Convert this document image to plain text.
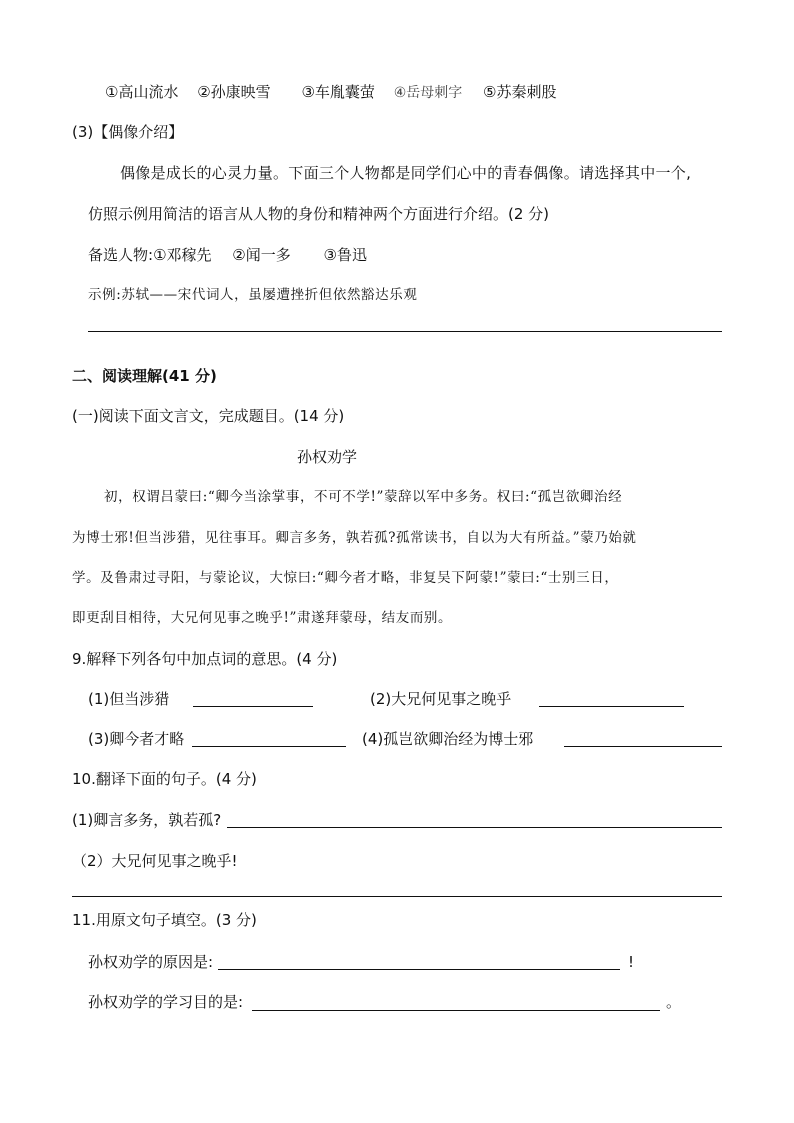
①高山流水 ②孙康映雪 ③车胤囊萤 ④岳母刺字 ⑤苏秦刺股
(3)【偶像介绍】
偶像是成长的心灵力量。下面三个人物都是同学们心中的青春偶像。请选择其中一个,
仿照示例用简洁的语言从人物的身份和精神两个方面进行介绍。(2 分)
备选人物:①邓稼先 ②闻一多 ③鲁迅
示例:苏轼——宋代词人，虽屡遭挫折但依然豁达乐观
二、阅读理解(41 分)
(一)阅读下面文言文，完成题目。(14 分)
孙权劝学
初，权谓吕蒙曰:“卿今当涂掌事，不可不学!”蒙辞以军中多务。权曰:“孤岂欲卿治经
为博士邪!但当涉猎，见往事耳。卿言多务，孰若孤?孤常读书，自以为大有所益。”蒙乃始就
学。及鲁肃过寻阳，与蒙论议，大惊曰:“卿今者才略，非复吴下阿蒙!”蒙曰:“士别三日，
即更刮目相待，大兄何见事之晚乎!”肃遂拜蒙母，结友而别。
9.解释下列各句中加点词的意思。(4 分)
(1)但当涉猎	(2)大兄何见事之晚乎
(3)卿今者才略	(4)孤岂欲卿治经为博士邪
10.翻译下面的句子。(4 分)
(1)卿言多务，孰若孤?
（2）大兄何见事之晚乎!
11.用原文句子填空。(3 分)
孙权劝学的原因是:	!
孙权劝学的学习目的是:	。
